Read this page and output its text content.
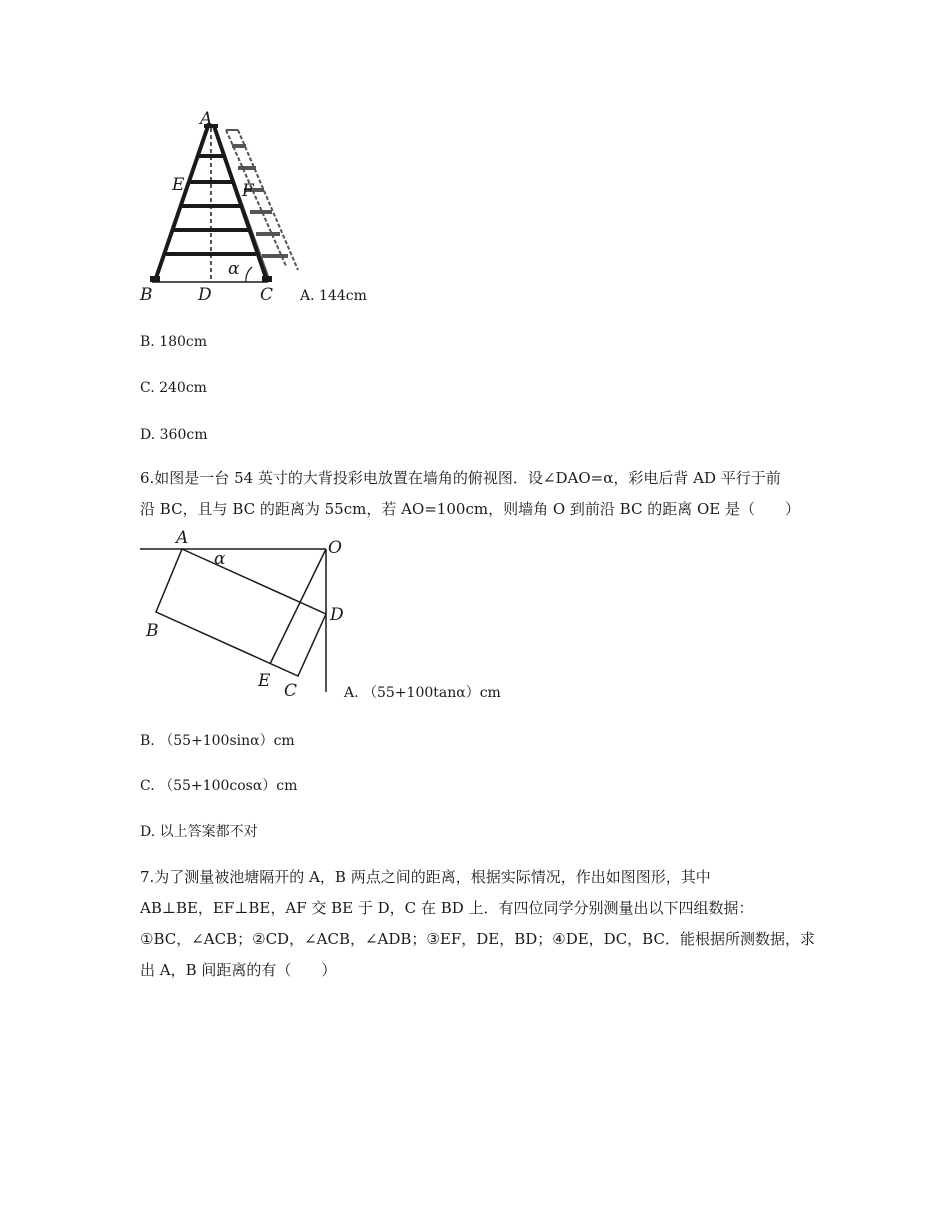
A
E	F
B	D
α
C A. 144cm
B. 180cm
C. 240cm
D. 360cm
6.如图是一台 54 英寸的大背投彩电放置在墙角的俯视图．设∠DAO=α，彩电后背 AD 平行于前
沿 BC，且与 BC 的距离为 55cm，若 AO=100cm，则墙角 O 到前沿 BC 的距离 OE 是（　　）
A
α
O
D
B
E C	A. （55+100tanα）cm
B. （55+100sinα）cm
C. （55+100cosα）cm
D. 以上答案都不对
7.为了测量被池塘隔开的 A，B 两点之间的距离，根据实际情况，作出如图图形，其中
AB⊥BE，EF⊥BE，AF 交 BE 于 D，C 在 BD 上．有四位同学分别测量出以下四组数据：
①BC，∠ACB；②CD，∠ACB，∠ADB；③EF，DE，BD；④DE，DC，BC．能根据所测数据，求
出 A，B 间距离的有（　　）
